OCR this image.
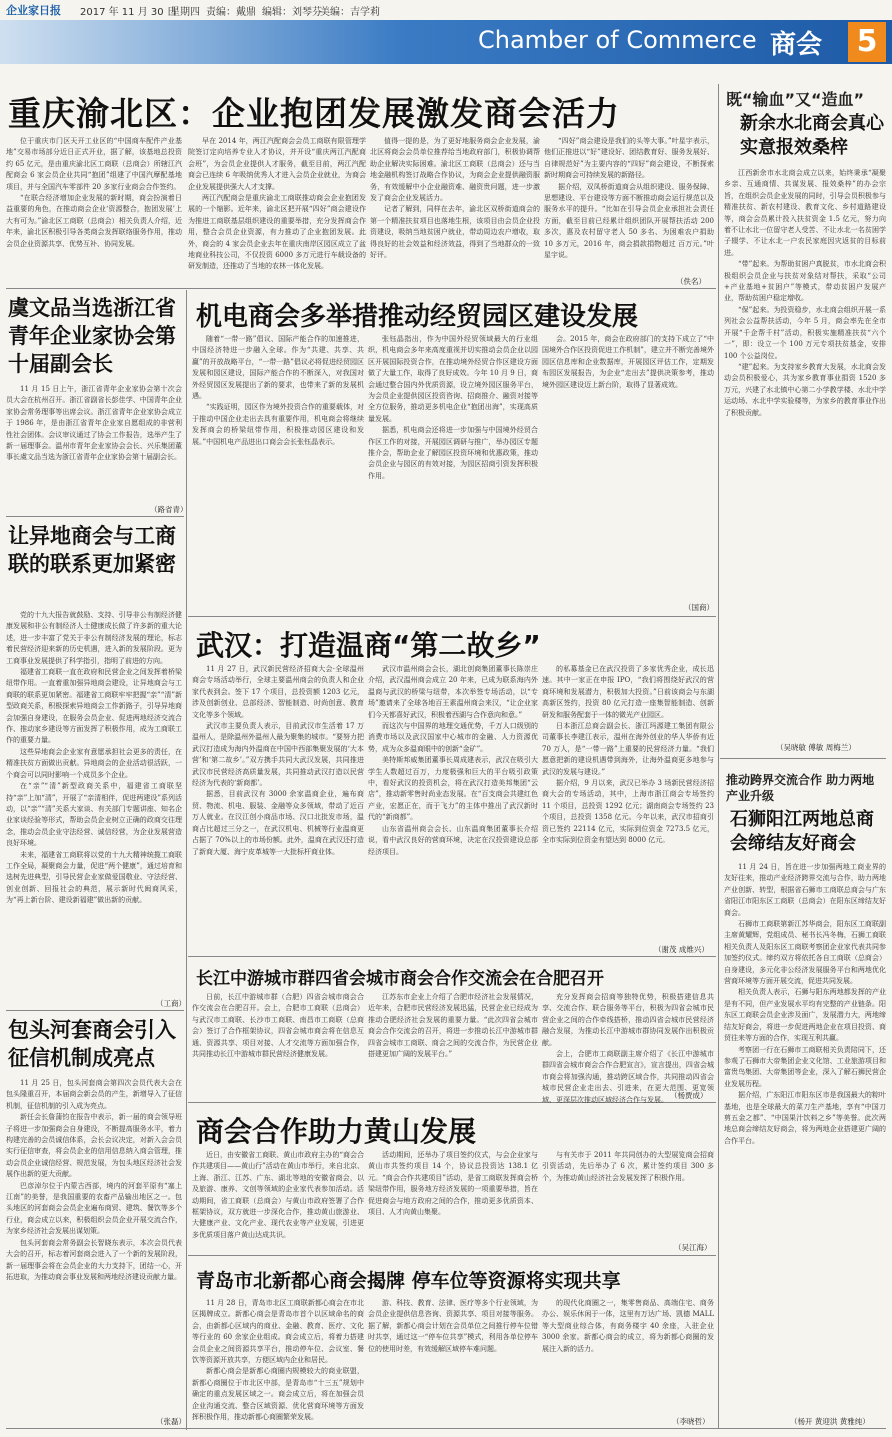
企业家日报 2017 年 11 月 30 日
星期四 责编：戴鼎 编辑：刘琴芬
美编：吉学莉
Chamber of Commerce 商会 5
重庆渝北区：企业抱团发展激发商会活力

位于重庆市门区天开工业区的“中国商车配件产业基地”交易市场部分近日正式开业，据了解，该基地总投资约 65 亿元，是由重庆渝北区工商联（总商会）所辖江汽配商会 6 家会员企业共同“抱团”组建了中国汽摩配基地项目，并与全国汽车零部件 20 多家行业商会合作签约。

“在联合经济增加企业发展的新时期，商会扮演着日益重要的角色，在推动商会企业‘资源整合，抱团发展’上大有可为。”渝北区工商联（总商会）相关负责人介绍，近年来，渝北区积极引导各类商会发挥联络服务作用，推动会员企业资源共享、优势互补、协同发展。

早在 2014 年，两江汽配商会会员工商联有限管理学院签订定向培养专业人才协议，并开设“重庆两江汽配商会班”，为会员企业提供人才服务，截至目前，两江汽配商会已连续 6 年吸纳优秀人才进入会员企业就业，为商会企业发展提供强大人才支撑。

两江汽配商会是重庆渝北工商联推动商会企业抱团发展的一个缩影。近年来，渝北区把开展“四好”商会建设作为推进工商联基层组织建设的重要举措，充分发挥商会作用，整合会员企业资源，有力推动了企业抱团发展。此外，商会的 4 家会员企业去年在重庆南岸区园区成立了盆地商业科技公司，不仅投资 6000 多万元进行车载设备的研发制造，还推动了当地的农林一体化发展。

值得一提的是，为了更好地服务商会企业发展，渝北区将商会会员单位推荐给当地政府部门，积极协调帮助企业解决实际困难。渝北区工商联（总商会）还与当地金融机构签订战略合作协议，为商会企业提供融资服务，有效缓解中小企业融资难、融资贵问题，进一步激发了商会企业发展活力。

记者了解到，同样在去年，渝北区双桥街道商会的第一个精准扶贫项目也落地生根，该项目由会员企业投资建设，吸纳当地贫困户就业，带动周边农户增收，取得良好的社会效益和经济效益，得到了当地群众的一致好评。

“四好”商会建设是我们的头等大事。”叶星宇表示，他们正推进以“好”建设好、团结教育好、服务发展好、自律规范好”为主要内容的“四好”商会建设，不断探索新时期商会可持续发展的新路径。

据介绍，双凤桥街道商会从组织建设、服务保障、思想建设、平台建设等方面不断推动商会运行规范以及服务水平的提升。“比如在引导会员企业承担社会责任方面，截至目前已经累计组织团队开展帮扶活动 200 多次，惠及农村留守老人 50 多名、为困难农户捐助 10 多万元，2016 年，商会捐款捐物超过 百万元。”叶星宇说。

（佚名）
虞文品当选浙江省青年企业家协会第十届副会长

11 月 15 日上午，浙江省青年企业家协会第十次会员大会在杭州召开。浙江省副省长彭佳学、中国青年企业家协会常务理事等出席会议。浙江省青年企业家协会成立于 1986 年，是由浙江省青年企业家自愿组成的非营利性社会团体。会议审议通过了协会工作报告，选举产生了新一届理事会。温州市青年企业家协会会长、兴乐集团董事长虞文品当选为浙江省青年企业家协会第十届副会长。

（路省青）
让异地商会与工商联的联系更加紧密

党的十九大报告就鼓励、支持、引导非公有制经济健康发展和非公有制经济人士健康成长做了许多新的重大论述，进一步丰富了党关于非公有制经济发展的理论，标志着民营经济迎来新的历史机遇，进入新的发展阶段。更为工商事业发展提供了科学指引，指明了前进的方向。

福建省工商联一直在政府和民营企业之间发挥着桥梁纽带作用。一直着重加强异地商会建设，让异地商会与工商联的联系更加紧密。福建省工商联牢牢把握“亲”“清”新型政商关系，积极探索异地商会工作新路子，引导异地商会加强自身建设，在服务会员企业、促进两地经济交流合作、推动家乡建设等方面发挥了积极作用，成为工商联工作的重要力量。

这些异地商会企业家有意愿承担社会更多的责任，在精准扶贫方面做出贡献。异地商会的企业活动很活跃，一个商会可以同时影响一个成员多个企业。

在“亲”“清”新型政商关系中，福建省工商联坚持“亲”上加“清”，开展了“亲清相伴，促进两建设”系列活动，以“亲”“清”关系大家谈、有关部门专题讲座、知名企业家谈经验等形式，帮助会员企业树立正确的政商交往理念，推动会员企业守法经营、诚信经营，为企业发展营造良好环境。

未来，福建省工商联将以党的十九大精神统揽工商联工作全局，凝聚商会力量，促进“两个健康”，通过培育和选树先进典型，引导民营企业家做爱国敬业、守法经营、创业创新、回报社会的典范，展示新时代闽商风采，为“再上新台阶、建设新福建”做出新的贡献。

（工商）
包头河套商会引入征信机制成亮点

11 月 25 日，包头河套商会第四次会员代表大会在包头隆重召开，本届商会新会员的产生，新增导入了征信机制，征信机制的引入成为亮点。

新任会长詹蒲钧在报告中表示，新一届的商会领导班子将进一步加强商会自身建设，不断提高服务水平，着力构建完善的会员诚信体系，会长会议决定，对新入会会员实行征信审查，将会员企业的信用信息纳入商会管理，推动会员企业诚信经营、规范发展，为包头地区经济社会发展作出新的更大贡献。

巴彦淖尔位于内蒙古西部，境内的河套平原有“塞上江南”的美誉，是我国重要的农畜产品输出地区之一。包头地区的河套商会会员企业遍布商贸、建筑、餐饮等多个行业，商会成立以来，积极组织会员企业开展交流合作，为家乡经济社会发展出谋划策。

包头河套商会常务副会长智晓东表示，本次会员代表大会的召开，标志着河套商会进入了一个新的发展阶段，新一届理事会将在会员企业的大力支持下，团结一心，开拓进取，为推动商会事业发展和两地经济建设贡献力量。

（张磊）
机电商会多举措推动经贸园区建设发展

随着“一带一路”倡议、国际产能合作的加速推进，中国经济特进一步融入全球。作为“共建、共享、共赢”的开放战略平台，“一带一路”倡议必将促进经贸园区发展和园区建设，国际产能合作的不断深入，对我国对外经贸园区发展提出了新的要求，也带来了新的发展机遇。

“实践证明，园区作为境外投资合作的重要载体，对于推动中国企业走出去具有重要作用，机电商会将继续发挥商会的桥梁纽带作用，积极推动园区建设和发展。”中国机电产品进出口商会会长张钰晶表示。

张钰晶指出，作为中国外经贸领域最大的行业组织，机电商会多年来高度重视并切实推动会员企业以园区开展国际投资合作，在推动境外经贸合作区建设方面做了大量工作，取得了良好成效。今年 10 月 9 日，商会通过整合国内外优质资源，设立境外园区服务平台，为会员企业提供园区投资咨询、招商推介、融资对接等全方位服务，推动更多机电企业“抱团出海”，实现高质量发展。

据悉，机电商会还将进一步加强与中国境外经贸合作区工作的对接，开展园区调研与推广，举办园区专题推介会，帮助企业了解园区投资环境和优惠政策，推动会员企业与园区的有效对接，为园区招商引资发挥积极作用。

会。2015 年，商会在政府部门的支持下成立了“中国境外合作区投资促进工作机制”，建立并不断完善境外园区信息库和企业数据库，开展园区评估工作，定期发布园区发展报告，为企业“走出去”提供决策参考，推动境外园区建设迈上新台阶，取得了显著成效。

（国商）
武汉：打造温商“第二故乡”

11 月 27 日，武汉新民营经济招商大会·全球温州商会专场活动举行，全球主要温州商会的负责人和企业家代表到会。签下 17 个项目，总投资额 1203 亿元，涉及创新创业、总部经济、智能制造、时尚创意、教育文化等多个领域。

武汉市主要负责人表示，目前武汉市生活着 17 万温州人，是除温州外温州人最为聚集的城市。“要努力把武汉打造成为海内外温商在中国中西部集聚发展的‘大本营’和‘第二故乡’。”双方携手共同大武汉发展，共同推进武汉市民营经济高质量发展，共同推动武汉打造以民营经济为代表的‘新商都’。

据悉，目前武汉有 3000 余家温商企业，遍布商贸、物流、机电、服装、金融等众多领域，带动了近百万人就业。在汉江创小商品市场、汉口北批发市场，温商占比超过三分之一，在武汉机电、机械等行业温商更占据了 70%以上的市场份额。此外，温商在武汉还打造了新商大厦、海宁皮革城等一大批标杆商业体。

武汉市温州商会会长，湖北创商集团董事长陈崇庄介绍，武汉温州商会成立 20 年来，已成为联系海内外温商与武汉的桥梁与纽带，本次举签专场活动，以“专场”邀请来了全球各地百王素温州商会来汉，“让企业家们今天都喜好武汉，积极着西湖与合作意向和意。”

而这次与中国界的地理交通优势，千万人口级别的消费市场以及武汉国家中心城市的金融、人力资源优势，成为众多温商眼中的创新“金矿”。

美特斯邦威集团董事长周成建表示，武汉在吸引大学生人数超过百万，力度极强和巨大的平台吸引政策中，看好武汉的投资机会，将在武汉打造美邦集团“云店”，推动新零售时尚业态发展。在“百支商会共建红色产业，宏愿正在，而于飞力”的主体中推出了武汉新时代的“新商都”。

山东省温州商会会长、山东温商集团董事长介绍说，看中武汉良好的营商环境，决定在汉投资建设总部经济项目。

的私募基金已在武汉投资了多家优秀企业，成长迅速。其中一家正在申报 IPO，“我们将围绕好武汉的营商环境和发展潜力，积极加大投资。”日前该商会与东湖高新区签约，投资 80 亿元打造一座集智能制造、创新研发和服务配套于一体的微光产业园区。

日本浙江总商会副会长、浙江玛源建工集团有限公司董事长李建江表示，温州在海外创业的华人华侨有近 70 万人，是“一带一路”上重要的民营经济力量。“我们愿意把新的建设机遇带到海外，让海外温商更多地参与武汉的发展与建设。”

据介绍，9 月以来，武汉已举办 3 场新民营经济招商大会的专场活动，其中，上海市浙江商会专场签约 11 个项目，总投资 1292 亿元；湖南商会专场签约 23 个项目，总投资 1358 亿元。今年以来，武汉市招商引资已签约 22114 亿元，实际到位资金 7273.5 亿元，全市实际到位资金有望达到 8000 亿元。

（谢茂 成维兴）
长江中游城市群四省会城市商会合作交流会在合肥召开

日前，长江中游城市群（合肥）四省会城市商会合作交流会在合肥召开。会上，合肥市工商联（总商会）与武汉市工商联、长沙市工商联、南昌市工商联（总商会）签订了合作框架协议，四省会城市商会将在信息互通、资源共享、项目对接、人才交流等方面加强合作，共同推动长江中游城市群民营经济健康发展。

江苏东市企业上介绍了合肥市经济社会发展情况，近年来，合肥市民营经济发展迅猛，民营企业已经成为推动合肥经济社会发展的重要力量。“此次四省会城市商会合作交流会的召开，将进一步推动长江中游城市群四省会城市工商联、商会之间的交流合作，为民营企业搭建更加广阔的发展平台。”

充分发挥商会招商等独特优势，积极搭建信息共享、交流合作、联合服务等平台，积极为四省会城市民营企业之间的合作牵线搭桥，推动四省会城市民营经济融合发展，为推动长江中游城市群协同发展作出积极贡献。

会上，合肥市工商联副主席介绍了《长江中游城市群四省会城市商会合作合肥宣言》，宣言提出，四省会城市商会将加强沟通，推动跨区域合作，共同推动四省会城市民营企业走出去、引进来，在更大范围、更宽领域、更深层次推动区域经济合作与发展。 （杨贾成）
商会合作助力黄山发展

近日，由安徽省工商联、黄山市政府主办的“商会合作共建项目——黄山行”活动在黄山市举行，来自北京、上海、浙江、江苏、广东、湖北等地的安徽省商会，以及旅游、康养、文创等领域的企业家代表参加活动。活动期间，省工商联（总商会）与黄山市政府签署了合作框架协议，双方就进一步深化合作，推动黄山旅游业、大健康产业、文化产业、现代农业等产业发展，引进更多优质项目落户黄山达成共识。

活动期间，还举办了项目签约仪式，与会企业家与黄山市共签约项目 14 个，协议总投资达 138.1 亿元。“商会合作共建项目”活动，是省工商联发挥商会桥梁纽带作用，服务地方经济发展的一项重要举措，旨在促进商会与地方政府之间的合作，推动更多优质资本、项目、人才向黄山集聚。

与有关市于 2011 年共同创办的大型展览商会招商引资活动，先后举办了 6 次，累计签约项目 300 多个，为推动黄山经济社会发展发挥了积极作用。

（吴江海）
青岛市北新都心商会揭牌 停车位等资源将实现共享

11 月 28 日，青岛市北区工商联新都心商会在市北区揭牌成立。新都心商会是青岛市首个以区域命名的商会，由新都心区域内的商业、金融、教育、医疗、文化等行业的 60 余家企业组成。商会成立后，将着力搭建会员企业之间资源共享平台，推动停车位、会议室、餐饮等资源开放共享，方便区域内企业和居民。

新都心商会是新都心商圈内规模较大的商业联盟，新都心商圈位于市北区中部，是青岛市“十三五”规划中确定的重点发展区域之一。商会成立后，将在加强会员企业沟通交流、整合区域资源、优化营商环境等方面发挥积极作用，推动新都心商圈繁荣发展。

游、科技、教育、法律、医疗等多个行业领域，为会员企业提供信息咨询、资源共享、项目对接等服务。据了解，新都心商会计划在会员单位之间推行停车位错时共享，通过这一“停车位共享”模式，利用各单位停车位的使用时差，有效缓解区域停车难问题。

的现代化商圈之一，集零售商品、高端住宅、商务办公、娱乐休闲于一体，这里有万达广场、凯德 MALL 等大型商业综合体，有商务楼宇 40 余座，入驻企业 3000 余家。新都心商会的成立，将为新都心商圈的发展注入新的活力。

（李晓哲）
既“输血”又“造血”
新余水北商会真心实意报效桑梓

江西新余市水北商会成立以来，始终秉承“凝聚乡亲、互通商情、共谋发展、报效桑梓”的办会宗旨，在组织会员企业发展的同时，引导会员积极参与精准扶贫、新农村建设、教育文化、乡村道路建设等，商会会员累计投入扶贫资金 1.5 亿元，努力向着不让水北一位留守老人受苦、不让水北一名贫困学子辍学、不让水北一户农民家庭因灾返贫的目标前进。

“带”起来。为帮助贫困户真脱贫，市水北商会积极组织会员企业与扶贫对象结对帮扶，采取“公司+产业基地+贫困户”等模式，带动贫困户发展产业，帮助贫困户稳定增收。

“保”起来。为投资稳步，水北商会组织开展一系列社会公益帮扶活动，今年 5 月，商会率先在全市开展“千企帮千村”活动，积极实施精准扶贫“六个一”，即：设立一个 100 万元专项扶贫基金，安排 100 个公益岗位。

“建”起来。为支持家乡教育大发展，水北商会发动会员积极爱心，共为家乡教育事业捐资 1520 多万元，兴建了水北镇中心第二小学教学楼、水北中学运动场、水北中学实验楼等，为家乡的教育事业作出了积极贡献。

（吴晓敏 傅敏 周梅兰）
推动跨界交流合作 助力两地产业升级
石狮阳江两地总商会缔结友好商会

11 月 24 日，旨在进一步加强两地工商业界的友好往来，推动产业经济跨界交流与合作，助力两地产业创新、转型，根据省石狮市工商联总商会与广东省阳江市阳东区工商联（总商会）在阳东区缔结友好商会。

石狮市工商联第新江苏华商会，阳东区工商联副主席黄耀辉，党组成员、秘书长冯冬梅，石狮工商联相关负责人及阳东区工商联考察团企业家代表共同参加签约仪式。缔约双方将依托各自工商联（总商会）自身建设，多元化非公经济发展服务平台和两地优化营商环境等方面开展交流，促进共同发展。

相关负责人表示，石狮与阳东两地都发挥的产业是有不同，但产业发展水平均有完整的产业链条。阳东区工商联会员企业涉及面广，发展潜力大，两地缔结友好商会，将进一步促进两地企业在项目投资、商贸往来等方面的合作，实现互利共赢。

考察团一行在石狮市工商联相关负责陪同下，还参观了石狮市大帝集团企业文化馆、工业旅游项目和富贵鸟集团、大帝集团等企业，深入了解石狮民营企业发展历程。

据介绍，广东阳江市阳东区市是我国最大的粽叶基地，也是全球最大的菜刀生产基地，享有“中国刀剪五金之都”、“中国果汁饮料之乡”等美誉。此次两地总商会缔结友好商会，将为两地企业搭建更广阔的合作平台。

（杨开 黄迎洪 黄雅纯）
